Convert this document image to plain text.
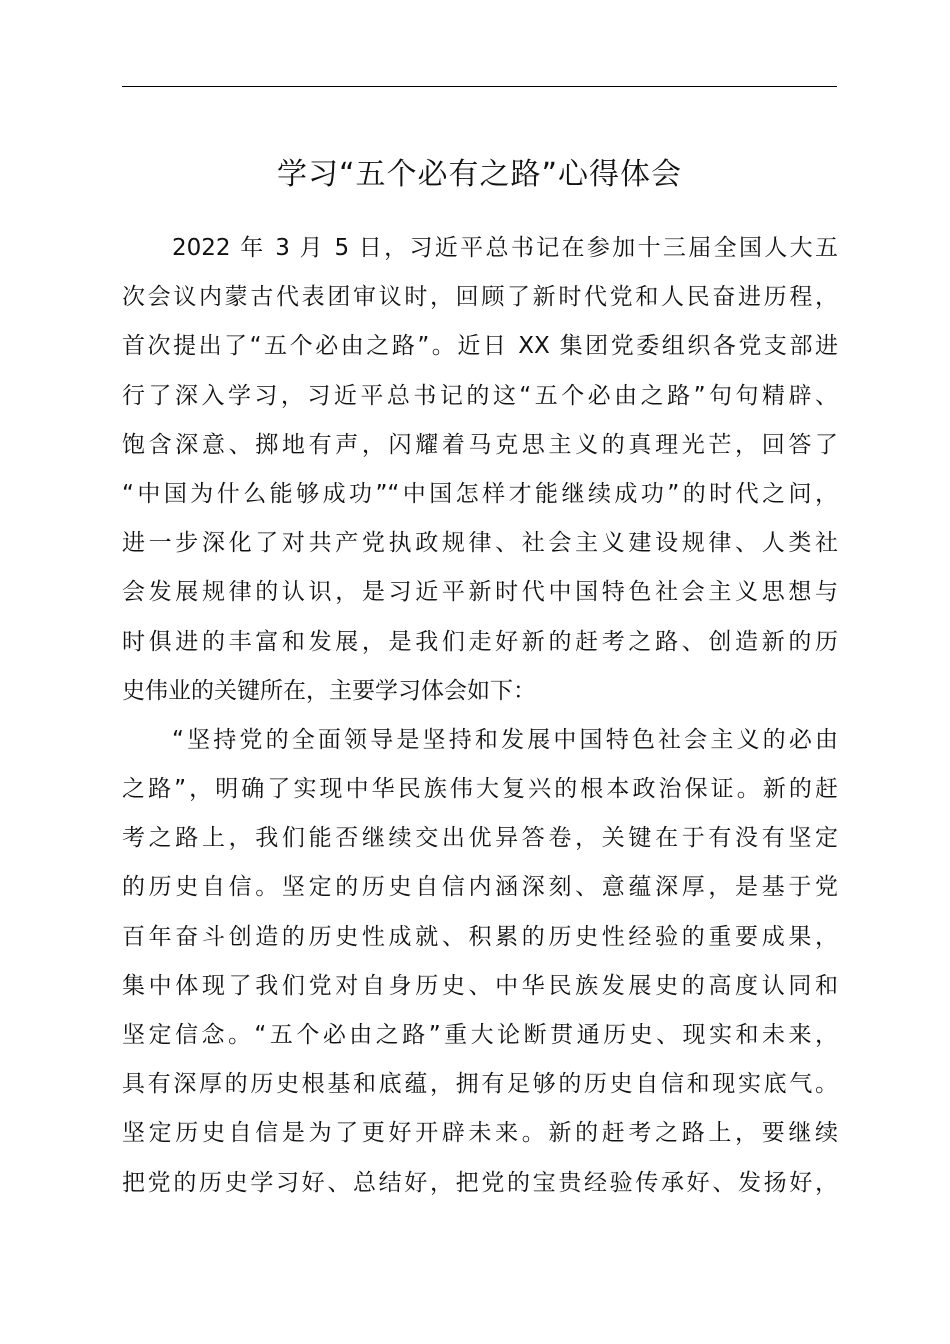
学习“五个必有之路”心得体会
2022 年 3 月 5 日，习近平总书记在参加十三届全国人大五
次会议内蒙古代表团审议时，回顾了新时代党和人民奋进历程，
首次提出了“五个必由之路”。近日 XX 集团党委组织各党支部进
行了深入学习，习近平总书记的这“五个必由之路”句句精辟、
饱含深意、掷地有声，闪耀着马克思主义的真理光芒，回答了
“中国为什么能够成功”“中国怎样才能继续成功”的时代之问，
进一步深化了对共产党执政规律、社会主义建设规律、人类社
会发展规律的认识，是习近平新时代中国特色社会主义思想与
时俱进的丰富和发展，是我们走好新的赶考之路、创造新的历
史伟业的关键所在，主要学习体会如下：
“坚持党的全面领导是坚持和发展中国特色社会主义的必由
之路”，明确了实现中华民族伟大复兴的根本政治保证。新的赶
考之路上，我们能否继续交出优异答卷，关键在于有没有坚定
的历史自信。坚定的历史自信内涵深刻、意蕴深厚，是基于党
百年奋斗创造的历史性成就、积累的历史性经验的重要成果，
集中体现了我们党对自身历史、中华民族发展史的高度认同和
坚定信念。“五个必由之路”重大论断贯通历史、现实和未来，
具有深厚的历史根基和底蕴，拥有足够的历史自信和现实底气。
坚定历史自信是为了更好开辟未来。新的赶考之路上，要继续
把党的历史学习好、总结好，把党的宝贵经验传承好、发扬好，
